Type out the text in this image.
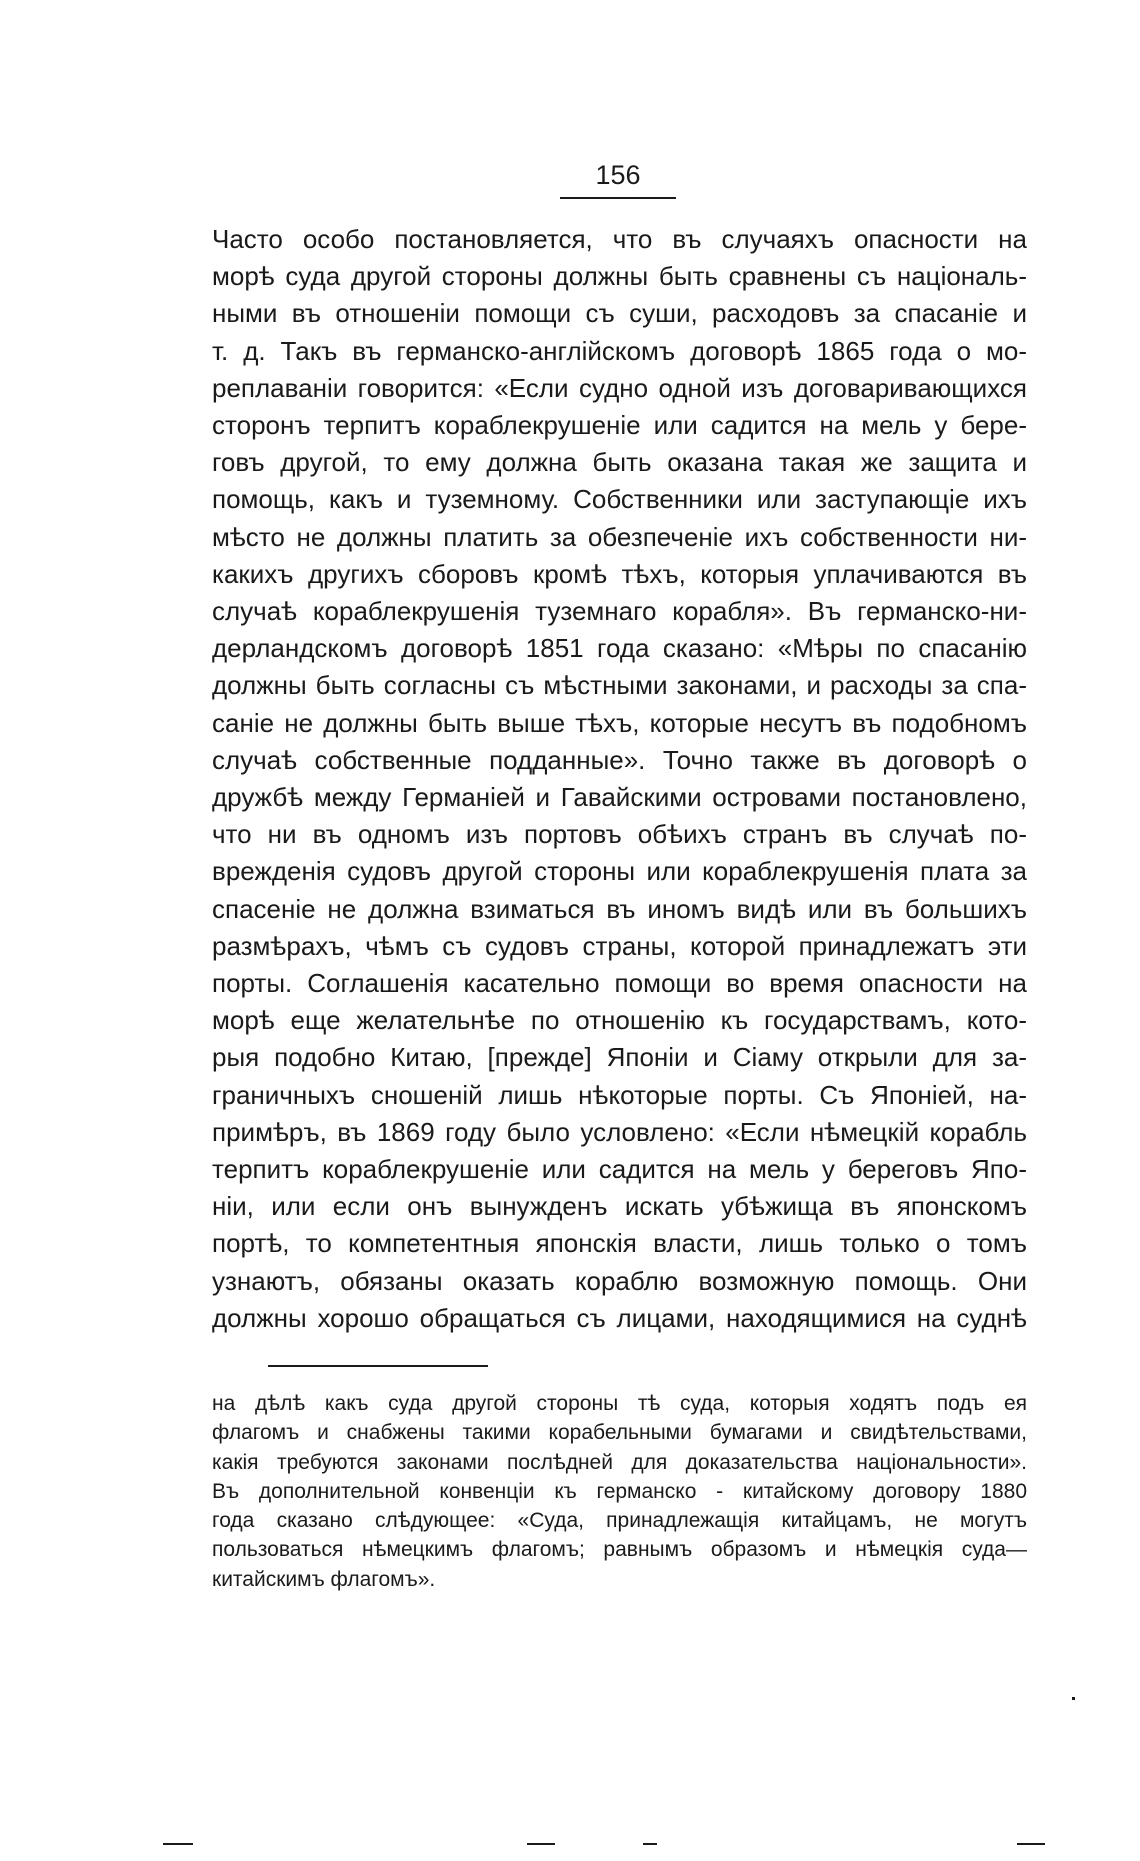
156
Часто особо постановляется, что въ случаяхъ опасности на
морѣ суда другой стороны должны быть сравнены съ національ-
ными въ отношеніи помощи съ суши, расходовъ за спасаніе и
т. д. Такъ въ германско-англійскомъ договорѣ 1865 года о мо-
реплаваніи говорится: «Если судно одной изъ договаривающихся
сторонъ терпитъ кораблекрушеніе или садится на мель у бере-
говъ другой, то ему должна быть оказана такая же защита и
помощь, какъ и туземному. Собственники или заступающіе ихъ
мѣсто не должны платить за обезпеченіе ихъ собственности ни-
какихъ другихъ сборовъ кромѣ тѣхъ, которыя уплачиваются въ
случаѣ кораблекрушенія туземнаго корабля». Въ германско-ни-
дерландскомъ договорѣ 1851 года сказано: «Мѣры по спасанію
должны быть согласны съ мѣстными законами, и расходы за спа-
саніе не должны быть выше тѣхъ, которые несутъ въ подобномъ
случаѣ собственные подданные». Точно также въ договорѣ о
дружбѣ между Германіей и Гавайскими островами постановлено,
что ни въ одномъ изъ портовъ обѣихъ странъ въ случаѣ по-
врежденія судовъ другой стороны или кораблекрушенія плата за
спасеніе не должна взиматься въ иномъ видѣ или въ большихъ
размѣрахъ, чѣмъ съ судовъ страны, которой принадлежатъ эти
порты. Соглашенія касательно помощи во время опасности на
морѣ еще желательнѣе по отношенію къ государствамъ, кото-
рыя подобно Китаю, [прежде] Японіи и Сіаму открыли для за-
граничныхъ сношеній лишь нѣкоторые порты. Съ Японіей, на-
примѣръ, въ 1869 году было условлено: «Если нѣмецкій корабль
терпитъ кораблекрушеніе или садится на мель у береговъ Япо-
ніи, или если онъ вынужденъ искать убѣжища въ японскомъ
портѣ, то компетентныя японскія власти, лишь только о томъ
узнаютъ, обязаны оказать кораблю возможную помощь. Они
должны хорошо обращаться съ лицами, находящимися на суднѣ
на дѣлѣ какъ суда другой стороны тѣ суда, которыя ходятъ подъ ея
флагомъ и снабжены такими корабельными бумагами и свидѣтельствами,
какія требуются законами послѣдней для доказательства національности».
Въ дополнительной конвенціи къ германско - китайскому договору 1880
года сказано слѣдующее: «Суда, принадлежащія китайцамъ, не могутъ
пользоваться нѣмецкимъ флагомъ; равнымъ образомъ и нѣмецкія суда—
китайскимъ флагомъ».
